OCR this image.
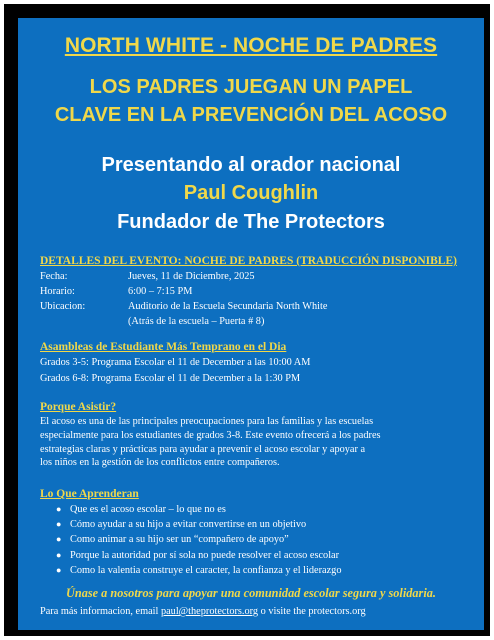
NORTH WHITE - NOCHE DE PADRES
LOS PADRES JUEGAN UN PAPEL
CLAVE EN LA PREVENCIÓN DEL ACOSO
Presentando al orador nacional
Paul Coughlin
Fundador de The Protectors
DETALLES DEL EVENTO: NOCHE DE PADRES (TRADUCCIÓN DISPONIBLE)
Fecha:	Jueves, 11 de Diciembre, 2025
Horario:	6:00 – 7:15 PM
Ubicacion:	Auditorio de la Escuela Secundaria North White
(Atrás de la escuela – Puerta # 8)
Asambleas de Estudiante Más Temprano en el Dia
Grados 3-5: Programa Escolar el 11 de December a las 10:00 AM
Grados 6-8: Programa Escolar el 11 de December a la 1:30 PM
Porque Asistir?
El acoso es una de las principales preocupaciones para las familias y las escuelas
especialmente para los estudiantes de grados 3-8. Este evento ofrecerá a los padres
estrategias claras y prácticas para ayudar a prevenir el acoso escolar y apoyar a
los niños en la gestión de los conflictos entre compañeros.
Lo Que Aprenderan
● Que es el acoso escolar – lo que no es
● Cómo ayudar a su hijo a evitar convertirse en un objetivo
● Como animar a su hijo ser un “compañero de apoyo”
● Porque la autoridad por sí sola no puede resolver el acoso escolar
● Como la valentia construye el caracter, la confianza y el liderazgo
Únase a nosotros para apoyar una comunidad escolar segura y solidaria.
Para más informacion, email paul@theprotectors.org o visite the protectors.org
